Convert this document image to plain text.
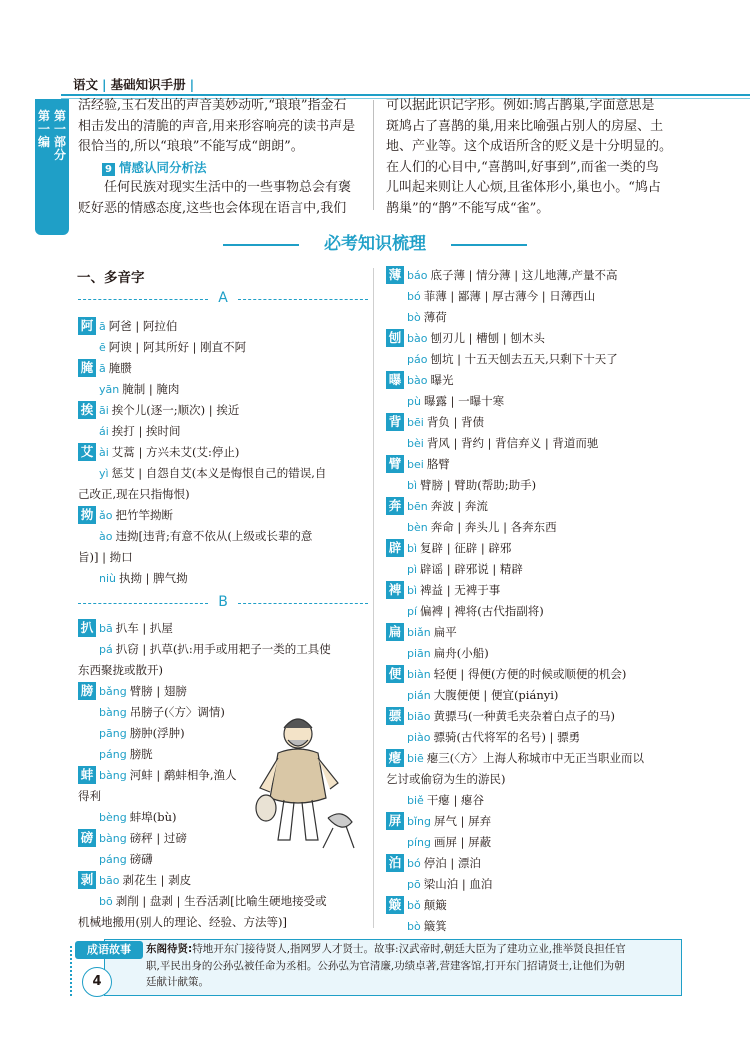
语文 | 基础知识手册 |
第一编
第一部分
活经验,玉石发出的声音美妙动听,“琅琅”指金石
相击发出的清脆的声音,用来形容响亮的读书声是
很恰当的,所以“琅琅”不能写成“朗朗”。
9 情感认同分析法
任何民族对现实生活中的一些事物总会有褒
贬好恶的情感态度,这些也会体现在语言中,我们
可以据此识记字形。例如:鸠占鹊巢,字面意思是
斑鸠占了喜鹊的巢,用来比喻强占别人的房屋、土
地、产业等。这个成语所含的贬义是十分明显的。
在人们的心目中,“喜鹊叫,好事到”,而雀一类的鸟
儿叫起来则让人心烦,且雀体形小,巢也小。“鸠占
鹊巢”的“鹊”不能写成“雀”。
必考知识梳理
一、多音字
A
B
阿 ā 阿爸 | 阿拉伯
ē 阿谀 | 阿其所好 | 刚直不阿
腌 ā 腌臜
yān 腌制 | 腌肉
挨 āi 挨个儿(逐一;顺次) | 挨近
ái 挨打 | 挨时间
艾 ài 艾蒿 | 方兴未艾(艾:停止)
yì 惩艾 | 自怨自艾(本义是悔恨自己的错误,自
己改正,现在只指悔恨)
拗 ǎo 把竹竿拗断
ào 违拗[违背;有意不依从(上级或长辈的意
旨)] | 拗口
niù 执拗 | 脾气拗
扒 bā 扒车 | 扒屋
pá 扒窃 | 扒草(扒:用手或用耙子一类的工具使
东西聚拢或散开)
膀 bǎng 臂膀 | 翅膀
bàng 吊膀子(〈方〉调情)
pāng 膀肿(浮肿)
páng 膀胱
蚌 bàng 河蚌 | 鹬蚌相争,渔人
得利
bèng 蚌埠(bù)
磅 bàng 磅秤 | 过磅
páng 磅礴
剥 bāo 剥花生 | 剥皮
bō 剥削 | 盘剥 | 生吞活剥[比喻生硬地接受或
机械地搬用(别人的理论、经验、方法等)]
薄 báo 底子薄 | 情分薄 | 这儿地薄,产量不高
bó 菲薄 | 鄙薄 | 厚古薄今 | 日薄西山
bò 薄荷
刨 bào 刨刃儿 | 槽刨 | 刨木头
páo 刨坑 | 十五天刨去五天,只剩下十天了
曝 bào 曝光
pù 曝露 | 一曝十寒
背 bēi 背负 | 背债
bèi 背风 | 背约 | 背信弃义 | 背道而驰
臂 bei 胳臂
bì 臂膀 | 臂助(帮助;助手)
奔 bēn 奔波 | 奔流
bèn 奔命 | 奔头儿 | 各奔东西
辟 bì 复辟 | 征辟 | 辟邪
pì 辟谣 | 辟邪说 | 精辟
裨 bì 裨益 | 无裨于事
pí 偏裨 | 裨将(古代指副将)
扁 biǎn 扁平
piān 扁舟(小船)
便 biàn 轻便 | 得便(方便的时候或顺便的机会)
pián 大腹便便 | 便宜(piányi)
骠 biāo 黄骠马(一种黄毛夹杂着白点子的马)
piào 骠骑(古代将军的名号) | 骠勇
瘪 biē 瘪三(〈方〉上海人称城市中无正当职业而以
乞讨或偷窃为生的游民)
biě 干瘪 | 瘪谷
屏 bǐng 屏气 | 屏弃
píng 画屏 | 屏蔽
泊 bó 停泊 | 漂泊
pō 梁山泊 | 血泊
簸 bǒ 颠簸
bò 簸箕
成语故事
4
东阁待贤:特地开东门接待贤人,指网罗人才贤士。故事:汉武帝时,朝廷大臣为了建功立业,推举贤良担任官
职,平民出身的公孙弘被任命为丞相。公孙弘为官清廉,功绩卓著,营建客馆,打开东门招请贤士,让他们为朝
廷献计献策。
